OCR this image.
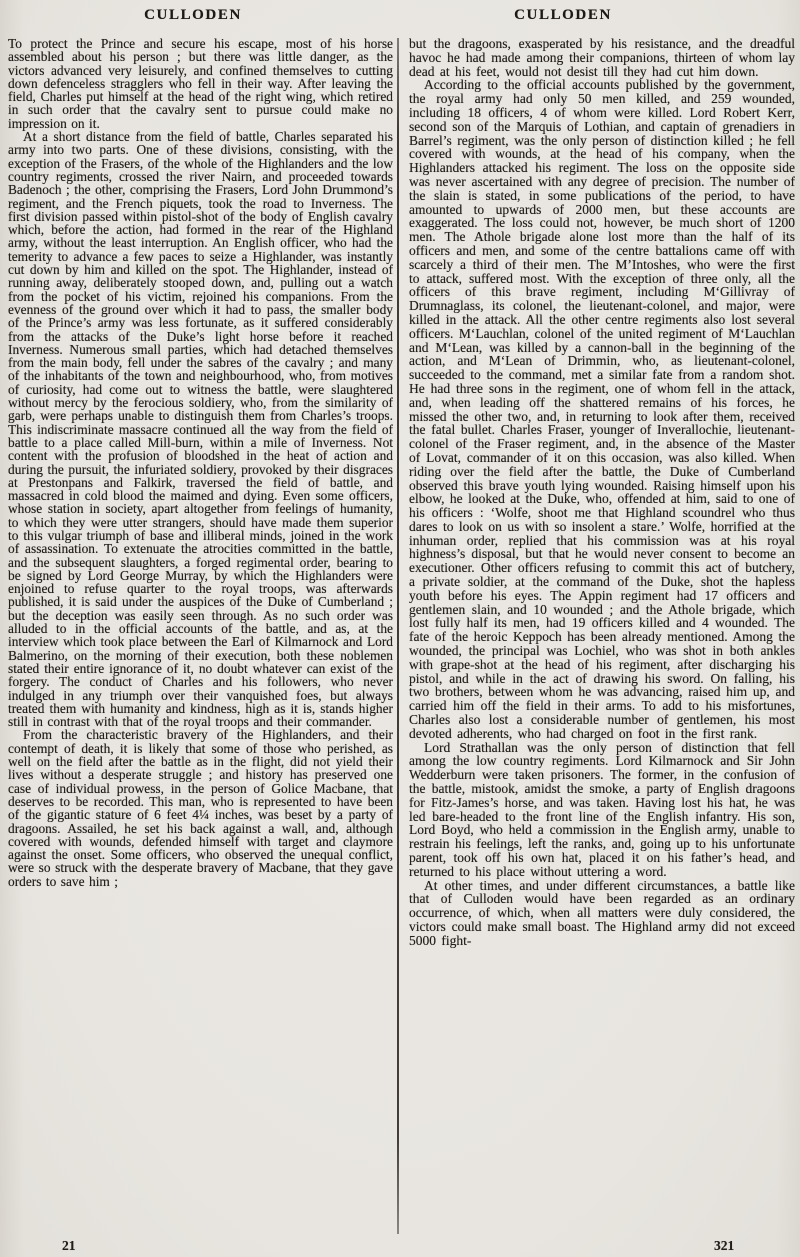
CULLODEN	CULLODEN

To protect the Prince and secure his escape, most of his horse assembled about his person ; but there was little danger, as the victors advanced very leisurely, and confined themselves to cutting down defenceless stragglers who fell in their way. After leaving the field, Charles put himself at the head of the right wing, which retired in such order that the cavalry sent to pursue could make no impression on it.

At a short distance from the field of battle, Charles separated his army into two parts. One of these divisions, consisting, with the exception of the Frasers, of the whole of the Highlanders and the low country regiments, crossed the river Nairn, and proceeded towards Badenoch ; the other, comprising the Frasers, Lord John Drummond’s regiment, and the French piquets, took the road to Inverness. The first division passed within pistol-shot of the body of English cavalry which, before the action, had formed in the rear of the Highland army, without the least interruption. An English officer, who had the temerity to advance a few paces to seize a Highlander, was instantly cut down by him and killed on the spot. The Highlander, instead of running away, deliberately stooped down, and, pulling out a watch from the pocket of his victim, rejoined his companions. From the evenness of the ground over which it had to pass, the smaller body of the Prince’s army was less fortunate, as it suffered considerably from the attacks of the Duke’s light horse before it reached Inverness. Numerous small parties, which had detached themselves from the main body, fell under the sabres of the cavalry ; and many of the inhabitants of the town and neighbourhood, who, from motives of curiosity, had come out to witness the battle, were slaughtered without mercy by the ferocious soldiery, who, from the similarity of garb, were perhaps unable to distinguish them from Charles’s troops. This indiscriminate massacre continued all the way from the field of battle to a place called Mill-burn, within a mile of Inverness. Not content with the profusion of bloodshed in the heat of action and during the pursuit, the infuriated soldiery, provoked by their disgraces at Prestonpans and Falkirk, traversed the field of battle, and massacred in cold blood the maimed and dying. Even some officers, whose station in society, apart altogether from feelings of humanity, to which they were utter strangers, should have made them superior to this vulgar triumph of base and illiberal minds, joined in the work of assassination. To extenuate the atrocities committed in the battle, and the subsequent slaughters, a forged regimental order, bearing to be signed by Lord George Murray, by which the Highlanders were enjoined to refuse quarter to the royal troops, was afterwards published, it is said under the auspices of the Duke of Cumberland ; but the deception was easily seen through. As no such order was alluded to in the official accounts of the battle, and as, at the interview which took place between the Earl of Kilmarnock and Lord Balmerino, on the morning of their execution, both these noblemen stated their entire ignorance of it, no doubt whatever can exist of the forgery. The conduct of Charles and his followers, who never indulged in any triumph over their vanquished foes, but always treated them with humanity and kindness, high as it is, stands higher still in contrast with that of the royal troops and their commander.

From the characteristic bravery of the Highlanders, and their contempt of death, it is likely that some of those who perished, as well on the field after the battle as in the flight, did not yield their lives without a desperate struggle ; and history has preserved one case of individual prowess, in the person of Golice Macbane, that deserves to be recorded. This man, who is represented to have been of the gigantic stature of 6 feet 4¼ inches, was beset by a party of dragoons. Assailed, he set his back against a wall, and, although covered with wounds, defended himself with target and claymore against the onset. Some officers, who observed the unequal conflict, were so struck with the desperate bravery of Macbane, that they gave orders to save him ;

but the dragoons, exasperated by his resistance, and the dreadful havoc he had made among their companions, thirteen of whom lay dead at his feet, would not desist till they had cut him down.

According to the official accounts published by the government, the royal army had only 50 men killed, and 259 wounded, including 18 officers, 4 of whom were killed. Lord Robert Kerr, second son of the Marquis of Lothian, and captain of grenadiers in Barrel’s regiment, was the only person of distinction killed ; he fell covered with wounds, at the head of his company, when the Highlanders attacked his regiment. The loss on the opposite side was never ascertained with any degree of precision. The number of the slain is stated, in some publications of the period, to have amounted to upwards of 2000 men, but these accounts are exaggerated. The loss could not, however, be much short of 1200 men. The Athole brigade alone lost more than the half of its officers and men, and some of the centre battalions came off with scarcely a third of their men. The M’Intoshes, who were the first to attack, suffered most. With the exception of three only, all the officers of this brave regiment, including M‘Gillivray of Drumnaglass, its colonel, the lieutenant-colonel, and major, were killed in the attack. All the other centre regiments also lost several officers. M‘Lauchlan, colonel of the united regiment of M‘Lauchlan and M‘Lean, was killed by a cannon-ball in the beginning of the action, and M‘Lean of Drimmin, who, as lieutenant-colonel, succeeded to the command, met a similar fate from a random shot. He had three sons in the regiment, one of whom fell in the attack, and, when leading off the shattered remains of his forces, he missed the other two, and, in returning to look after them, received the fatal bullet. Charles Fraser, younger of Inverallochie, lieutenant-colonel of the Fraser regiment, and, in the absence of the Master of Lovat, commander of it on this occasion, was also killed. When riding over the field after the battle, the Duke of Cumberland observed this brave youth lying wounded. Raising himself upon his elbow, he looked at the Duke, who, offended at him, said to one of his officers : ‘Wolfe, shoot me that Highland scoundrel who thus dares to look on us with so insolent a stare.’ Wolfe, horrified at the inhuman order, replied that his commission was at his royal highness’s disposal, but that he would never consent to become an executioner. Other officers refusing to commit this act of butchery, a private soldier, at the command of the Duke, shot the hapless youth before his eyes. The Appin regiment had 17 officers and gentlemen slain, and 10 wounded ; and the Athole brigade, which lost fully half its men, had 19 officers killed and 4 wounded. The fate of the heroic Keppoch has been already mentioned. Among the wounded, the principal was Lochiel, who was shot in both ankles with grape-shot at the head of his regiment, after discharging his pistol, and while in the act of drawing his sword. On falling, his two brothers, between whom he was advancing, raised him up, and carried him off the field in their arms. To add to his misfortunes, Charles also lost a considerable number of gentlemen, his most devoted adherents, who had charged on foot in the first rank.

Lord Strathallan was the only person of distinction that fell among the low country regiments. Lord Kilmarnock and Sir John Wedderburn were taken prisoners. The former, in the confusion of the battle, mistook, amidst the smoke, a party of English dragoons for Fitz-James’s horse, and was taken. Having lost his hat, he was led bare-headed to the front line of the English infantry. His son, Lord Boyd, who held a commission in the English army, unable to restrain his feelings, left the ranks, and, going up to his unfortunate parent, took off his own hat, placed it on his father’s head, and returned to his place without uttering a word.

At other times, and under different circumstances, a battle like that of Culloden would have been regarded as an ordinary occurrence, of which, when all matters were duly considered, the victors could make small boast. The Highland army did not exceed 5000 fight-

21	321
